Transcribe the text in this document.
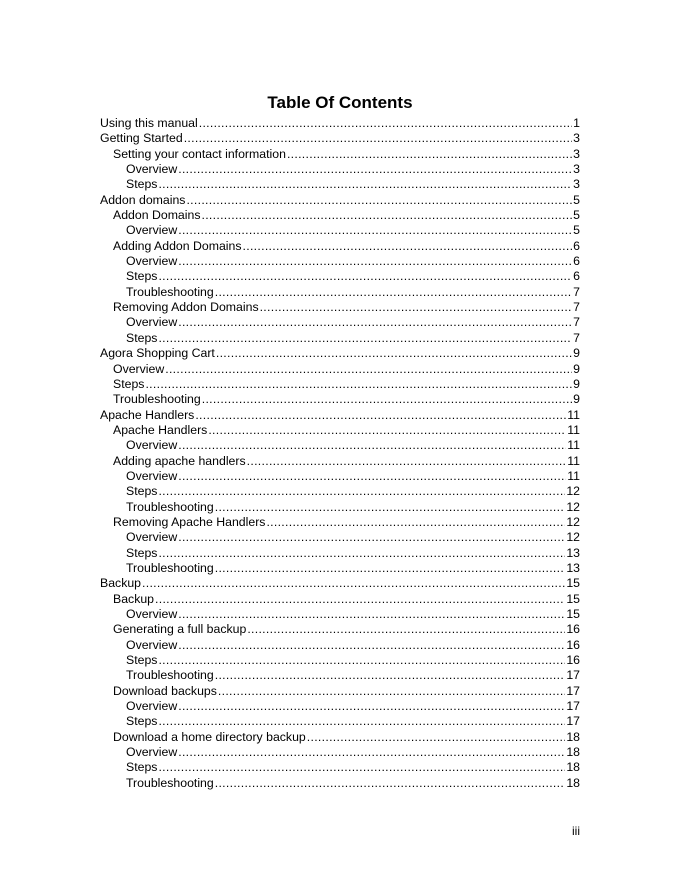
Table Of Contents
Using this manual .....	1
Getting Started .....	3
Setting your contact information .....	3
Overview .....	3
Steps .....	3
Addon domains .....	5
Addon Domains .....	5
Overview .....	5
Adding Addon Domains .....	6
Overview .....	6
Steps .....	6
Troubleshooting .....	7
Removing Addon Domains .....	7
Overview .....	7
Steps .....	7
Agora Shopping Cart .....	9
Overview .....	9
Steps .....	9
Troubleshooting .....	9
Apache Handlers .....	11
Apache Handlers .....	11
Overview .....	11
Adding apache handlers .....	11
Overview .....	11
Steps .....	12
Troubleshooting .....	12
Removing Apache Handlers .....	12
Overview .....	12
Steps .....	13
Troubleshooting .....	13
Backup .....	15
Backup .....	15
Overview .....	15
Generating a full backup .....	16
Overview .....	16
Steps .....	16
Troubleshooting .....	17
Download backups .....	17
Overview .....	17
Steps .....	17
Download a home directory backup .....	18
Overview .....	18
Steps .....	18
Troubleshooting .....	18
iii
